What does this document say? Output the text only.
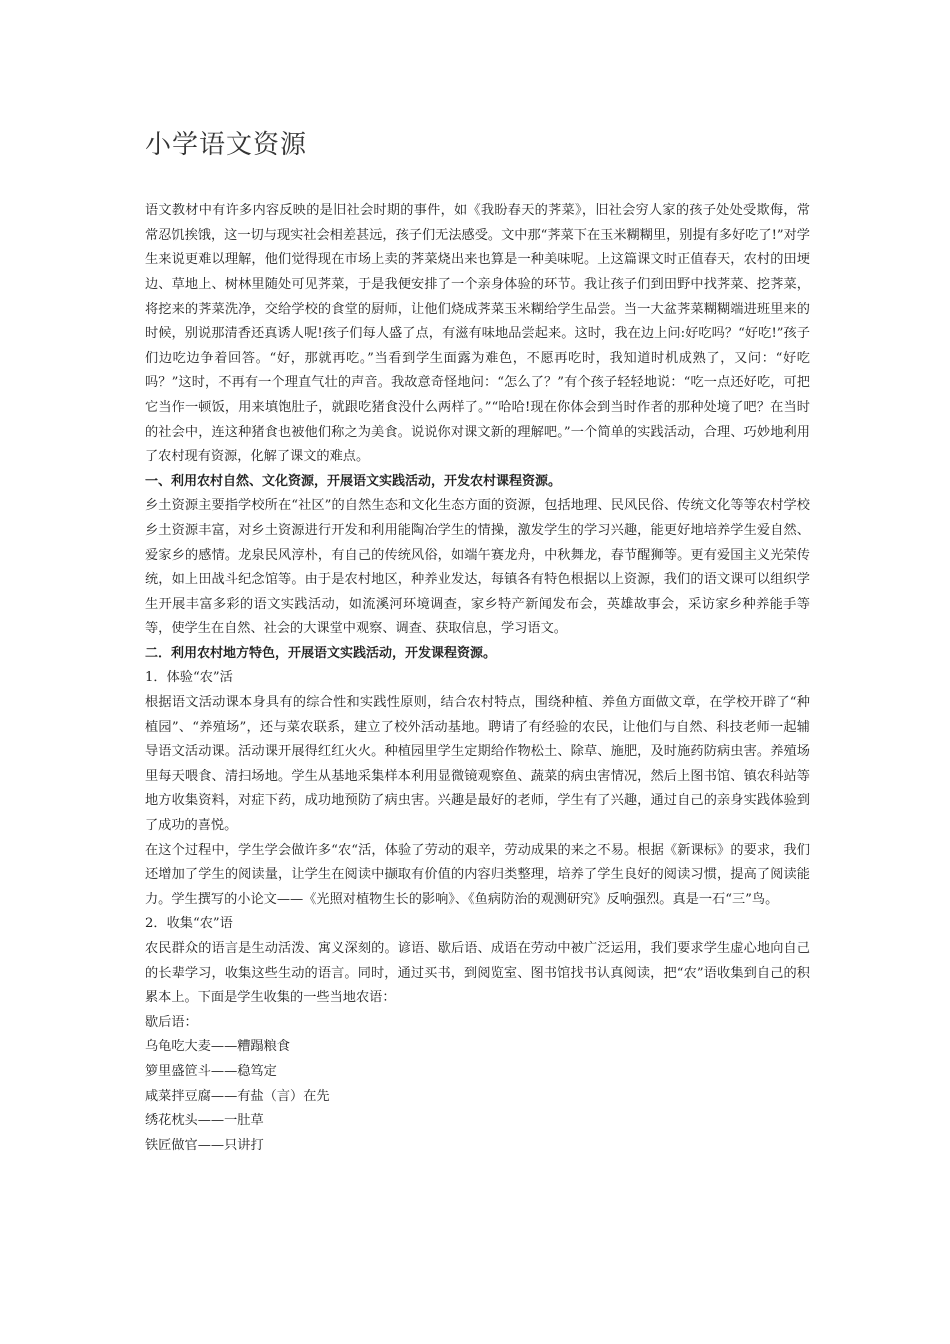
小学语文资源

语文教材中有许多内容反映的是旧社会时期的事件，如《我盼春天的荠菜》，旧社会穷人家的孩子处处受欺侮，常常忍饥挨饿，这一切与现实社会相差甚远，孩子们无法感受。文中那“荠菜下在玉米糊糊里，别提有多好吃了!”对学生来说更难以理解，他们觉得现在市场上卖的荠菜烧出来也算是一种美味呢。上这篇课文时正值春天，农村的田埂边、草地上、树林里随处可见荠菜，于是我便安排了一个亲身体验的环节。我让孩子们到田野中找荠菜、挖荠菜，将挖来的荠菜洗净，交给学校的食堂的厨师，让他们烧成荠菜玉米糊给学生品尝。当一大盆荠菜糊糊端进班里来的时候，别说那清香还真诱人呢!孩子们每人盛了点，有滋有味地品尝起来。这时，我在边上问:好吃吗？“好吃!”孩子们边吃边争着回答。“好，那就再吃。”当看到学生面露为难色，不愿再吃时，我知道时机成熟了，又问：“好吃吗？”这时，不再有一个理直气壮的声音。我故意奇怪地问：“怎么了？”有个孩子轻轻地说：“吃一点还好吃，可把它当作一顿饭，用来填饱肚子，就跟吃猪食没什么两样了。”“哈哈!现在你体会到当时作者的那种处境了吧？在当时的社会中，连这种猪食也被他们称之为美食。说说你对课文新的理解吧。”一个简单的实践活动，合理、巧妙地利用了农村现有资源，化解了课文的难点。

一、利用农村自然、文化资源，开展语文实践活动，开发农村课程资源。

乡土资源主要指学校所在“社区”的自然生态和文化生态方面的资源，包括地理、民风民俗、传统文化等等农村学校乡土资源丰富，对乡土资源进行开发和利用能陶冶学生的情操，激发学生的学习兴趣，能更好地培养学生爱自然、爱家乡的感情。龙泉民风淳朴，有自己的传统风俗，如端午赛龙舟，中秋舞龙，春节醒狮等。更有爱国主义光荣传统，如上田战斗纪念馆等。由于是农村地区，种养业发达，每镇各有特色根据以上资源，我们的语文课可以组织学生开展丰富多彩的语文实践活动，如流溪河环境调查，家乡特产新闻发布会，英雄故事会，采访家乡种养能手等等，使学生在自然、社会的大课堂中观察、调查、获取信息，学习语文。

二．利用农村地方特色，开展语文实践活动，开发课程资源。

1．体验“农”活

根据语文活动课本身具有的综合性和实践性原则，结合农村特点，围绕种植、养鱼方面做文章，在学校开辟了“种植园”、“养殖场”，还与菜农联系，建立了校外活动基地。聘请了有经验的农民，让他们与自然、科技老师一起辅导语文活动课。活动课开展得红红火火。种植园里学生定期给作物松土、除草、施肥，及时施药防病虫害。养殖场里每天喂食、清扫场地。学生从基地采集样本利用显微镜观察鱼、蔬菜的病虫害情况，然后上图书馆、镇农科站等地方收集资料，对症下药，成功地预防了病虫害。兴趣是最好的老师，学生有了兴趣，通过自己的亲身实践体验到了成功的喜悦。

在这个过程中，学生学会做许多“农“活，体验了劳动的艰辛，劳动成果的来之不易。根据《新课标》的要求，我们还增加了学生的阅读量，让学生在阅读中撷取有价值的内容归类整理，培养了学生良好的阅读习惯，提高了阅读能力。学生撰写的小论文——《光照对植物生长的影响》、《鱼病防治的观测研究》反响强烈。真是一石“三”鸟。

2．收集“农”语

农民群众的语言是生动活泼、寓义深刻的。谚语、歇后语、成语在劳动中被广泛运用，我们要求学生虚心地向自己的长辈学习，收集这些生动的语言。同时，通过买书，到阅览室、图书馆找书认真阅读，把“农”语收集到自己的积累本上。下面是学生收集的一些当地农语：

歇后语：

乌龟吃大麦——糟蹋粮食

箩里盛笸斗——稳笃定

咸菜拌豆腐——有盐（言）在先

绣花枕头——一肚草

铁匠做官——只讲打
